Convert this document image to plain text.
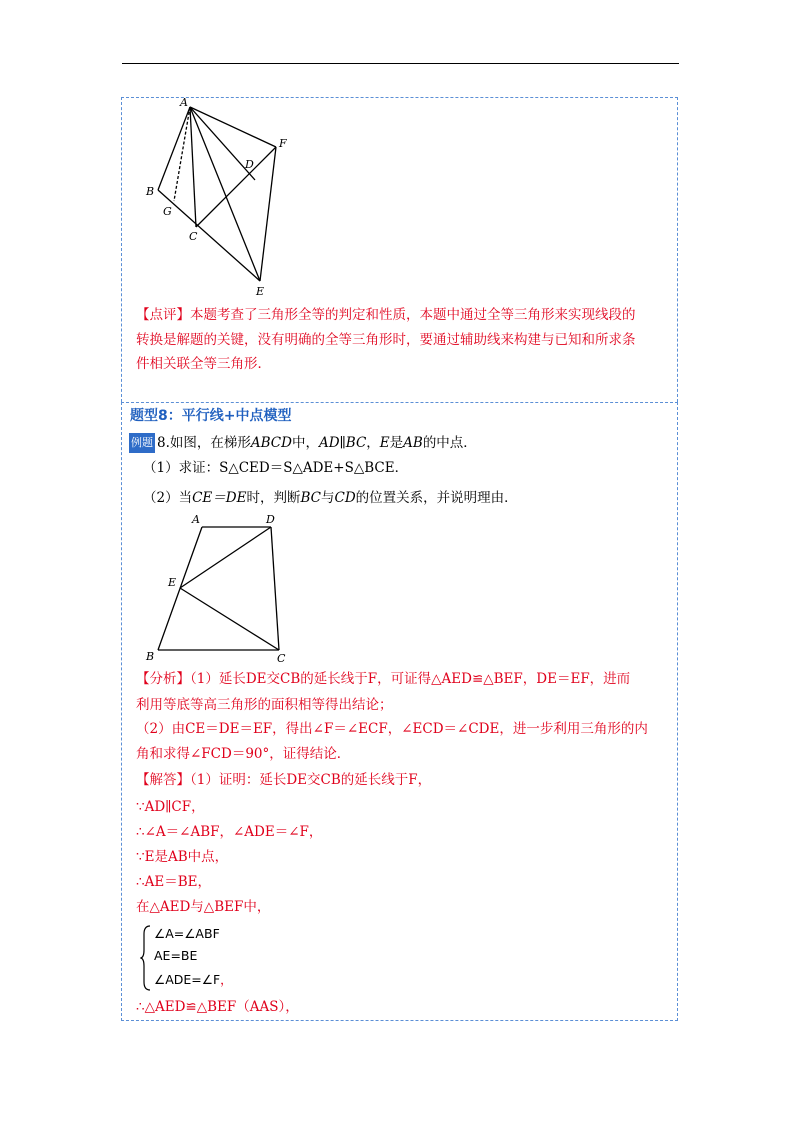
A
B
G
D
F
C
E
【点评】本题考查了三角形全等的判定和性质，本题中通过全等三角形来实现线段的
转换是解题的关键，没有明确的全等三角形时，要通过辅助线来构建与已知和所求条
件相关联全等三角形．
题型8：平行线+中点模型
例题 8.如图，在梯形ABCD中，AD∥BC，E是AB的中点．
（1）求证：S△CED＝S△ADE+S△BCE．
（2）当CE＝DE时，判断BC与CD的位置关系，并说明理由．
A	D
E
B	C
【分析】（1）延长DE交CB的延长线于F，可证得△AED≌△BEF，DE＝EF，进而
利用等底等高三角形的面积相等得出结论；
（2）由CE＝DE＝EF，得出∠F＝∠ECF，∠ECD＝∠CDE，进一步利用三角形的内
角和求得∠FCD＝90°，证得结论．
【解答】（1）证明：延长DE交CB的延长线于F，
∵AD∥CF，
∴∠A＝∠ABF，∠ADE＝∠F，
∵E是AB中点，
∴AE＝BE，
在△AED与△BEF中，
∠A=∠ABF
AE=BE
∠ADE=∠F，
∴△AED≌△BEF（AAS），
